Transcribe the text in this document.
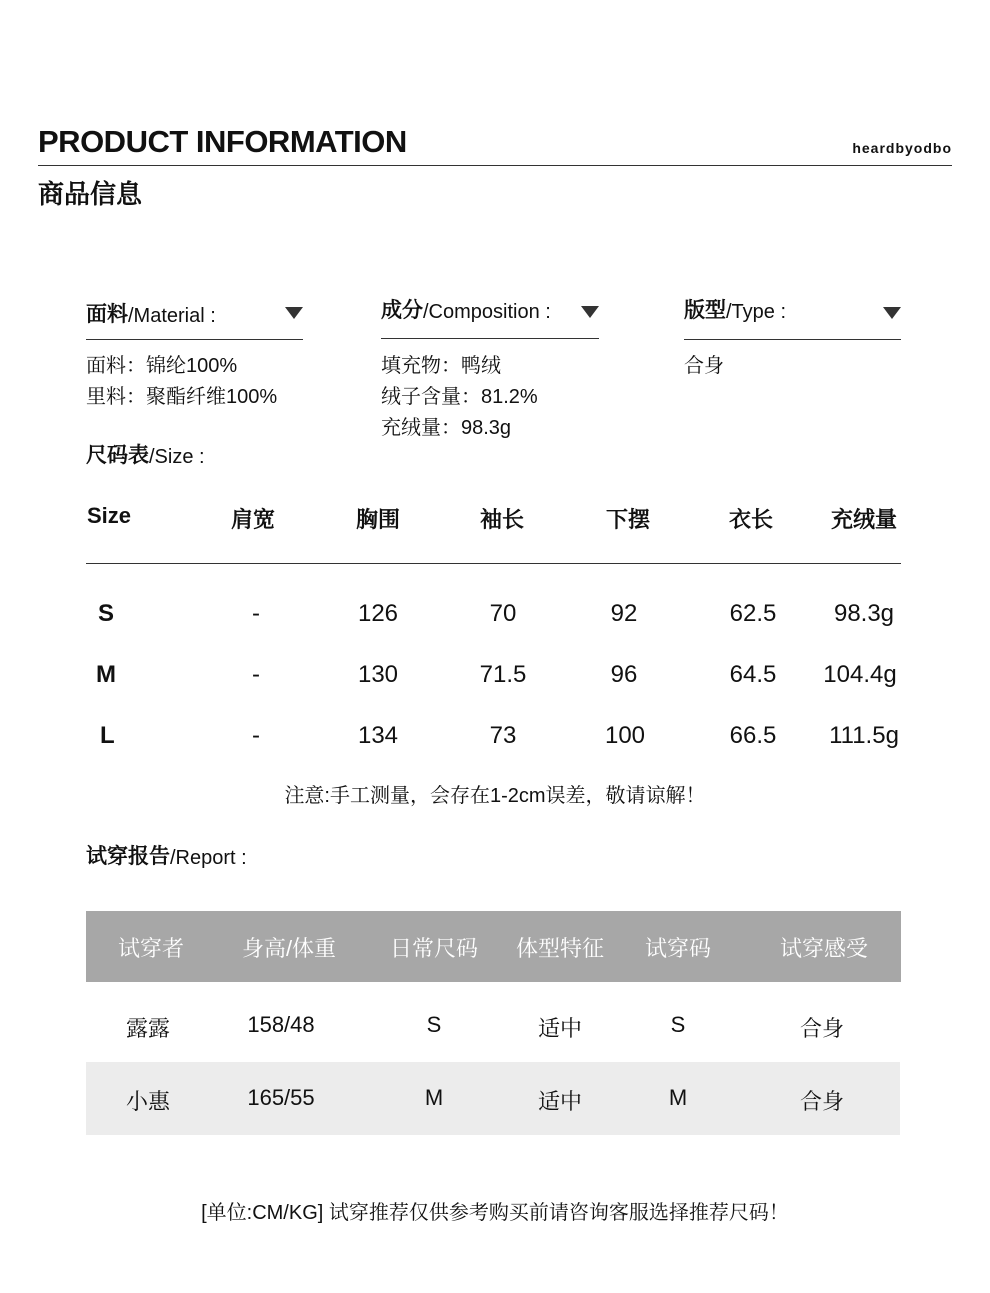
PRODUCT INFORMATION	heardbyodbo
商品信息
面料 /Material :
面料：锦纶100%
里料：聚酯纤维100%
成分 /Composition :
填充物：鸭绒
绒子含量：81.2%
充绒量：98.3g
版型 /Type :
合身
尺码表 /Size :
Size	肩宽	胸围	袖长	下摆	衣长	充绒量
S	-	126	70	92	62.5	98.3g
M	-	130	71.5	96	64.5	104.4g
L	-	134	73	100	66.5	111.5g
注意:手工测量，会存在1-2cm误差，敬请谅解！
试穿报告 /Report :
试穿者	身高/体重	日常尺码	体型特征	试穿码	试穿感受
露露	158/48	S	适中	S	合身
小惠	165/55	M	适中	M	合身
[单位:CM/KG] 试穿推荐仅供参考购买前请咨询客服选择推荐尺码！
